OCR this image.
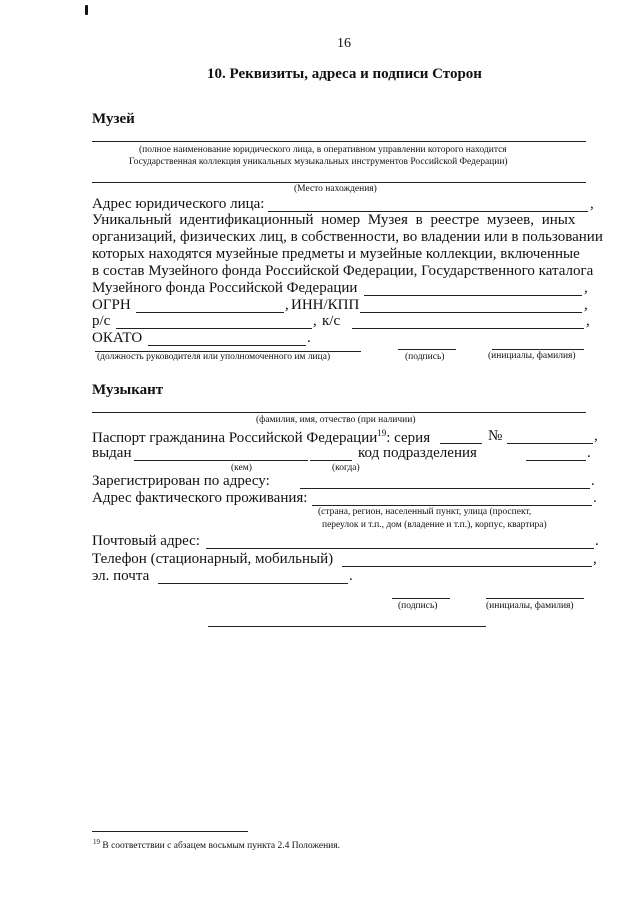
16
10. Реквизиты, адреса и подписи Сторон
Музей
(полное наименование юридического лица, в оперативном управлении которого находится
Государственная коллекция уникальных музыкальных инструментов Российской Федерации)
(Место нахождения)
Адрес юридического лица:	,
Уникальный идентификационный номер Музея в реестре музеев, иных
организаций, физических лиц, в собственности, во владении или в пользовании
которых находятся музейные предметы и музейные коллекции, включенные
в состав Музейного фонда Российской Федерации, Государственного каталога
Музейного фонда Российской Федерации	,
ОГРН	, ИНН/КПП	,
р/с	, к/с	,
ОКАТО	.
(должность руководителя или уполномоченного им лица)	(подпись)	(инициалы, фамилия)
Музыкант
(фамилия, имя, отчество (при наличии)
Паспорт гражданина Российской Федерации$^{19}$: серия	№	,
выдан	код подразделения	.
(кем)	(когда)
Зарегистрирован по адресу:	.
Адрес фактического проживания:	.
(страна, регион, населенный пункт, улица (проспект,
переулок и т.п., дом (владение и т.п.), корпус, квартира)
Почтовый адрес:	.
Телефон (стационарный, мобильный)	,
эл. почта	.
(подпись)	(инициалы, фамилия)
$^{19}$ В соответствии с абзацем восьмым пункта 2.4 Положения.
